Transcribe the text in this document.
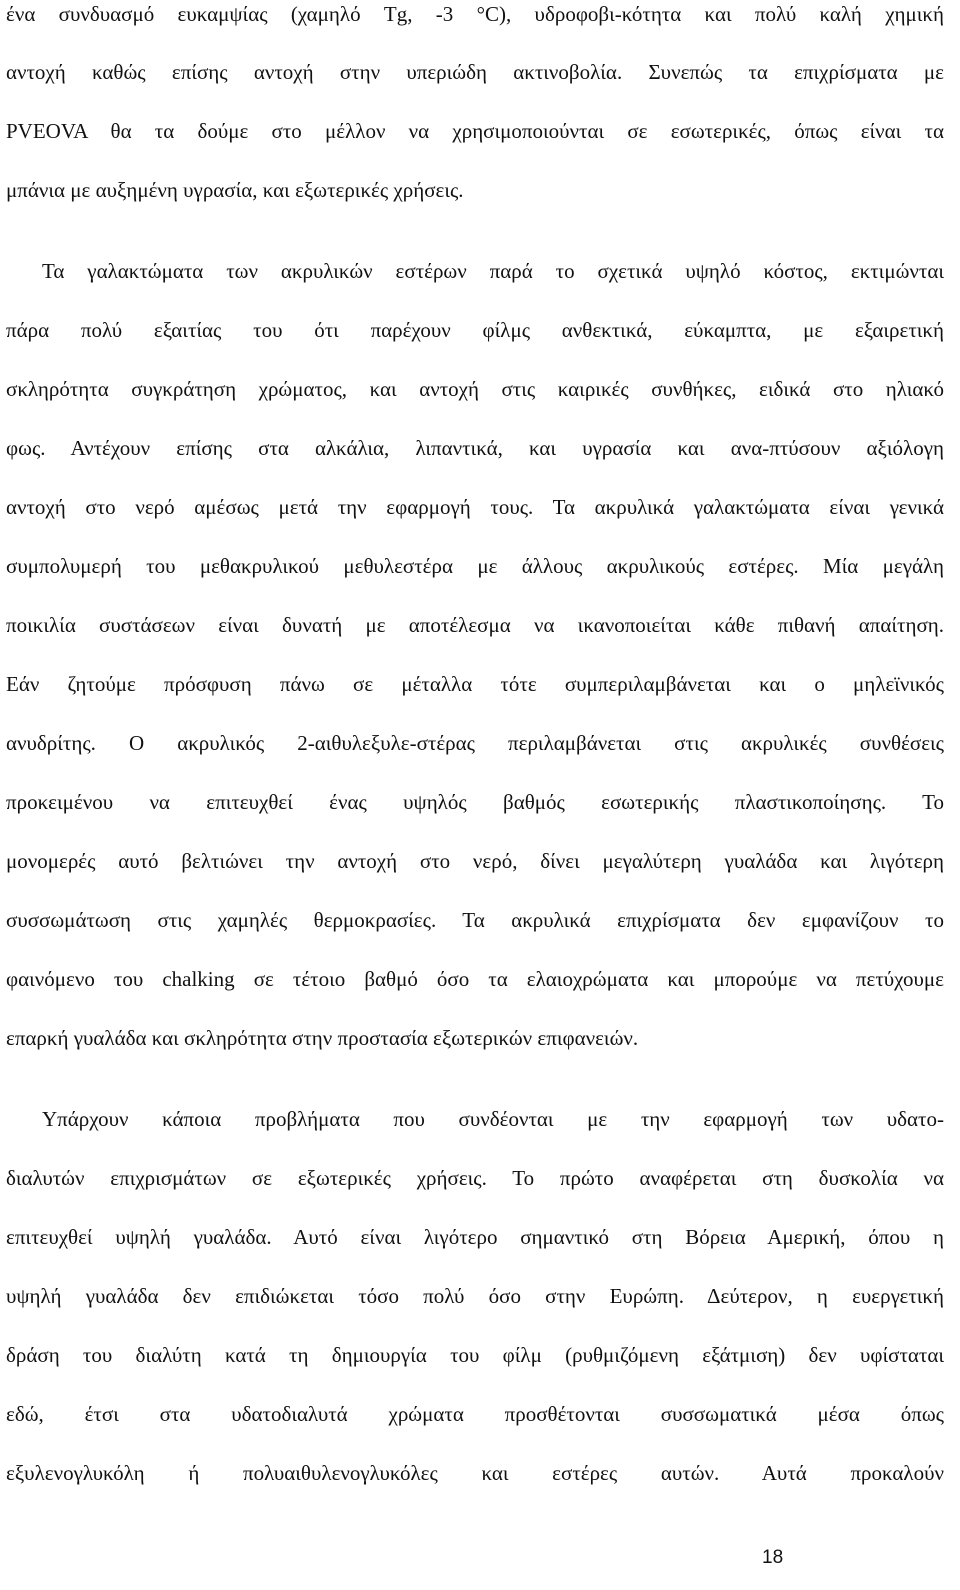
ένα συνδυασμό ευκαμψίας (χαμηλό Tg, -3 °C), υδροφοβι-κότητα και πολύ καλή χημική
αντοχή καθώς επίσης αντοχή στην υπεριώδη ακτινοβολία. Συνεπώς τα επιχρίσματα με
PVEOVA θα τα δούμε στο μέλλον να χρησιμοποιούνται σε εσωτερικές, όπως είναι τα
μπάνια με αυξημένη υγρασία, και εξωτερικές χρήσεις.
Τα γαλακτώματα των ακρυλικών εστέρων παρά το σχετικά υψηλό κόστος, εκτιμώνται
πάρα πολύ εξαιτίας του ότι παρέχουν φίλμς ανθεκτικά, εύκαμπτα, με εξαιρετική
σκληρότητα συγκράτηση χρώματος, και αντοχή στις καιρικές συνθήκες, ειδικά στο ηλιακό
φως. Αντέχουν επίσης στα αλκάλια, λιπαντικά, και υγρασία και ανα-πτύσουν αξιόλογη
αντοχή στο νερό αμέσως μετά την εφαρμογή τους. Τα ακρυλικά γαλακτώματα είναι γενικά
συμπολυμερή του μεθακρυλικού μεθυλεστέρα με άλλους ακρυλικούς εστέρες. Μία μεγάλη
ποικιλία συστάσεων είναι δυνατή με αποτέλεσμα να ικανοποιείται κάθε πιθανή απαίτηση.
Εάν ζητούμε πρόσφυση πάνω σε μέταλλα τότε συμπεριλαμβάνεται και ο μηλεϊνικός
ανυδρίτης. Ο ακρυλικός 2-αιθυλεξυλε-στέρας περιλαμβάνεται στις ακρυλικές συνθέσεις
προκειμένου να επιτευχθεί ένας υψηλός βαθμός εσωτερικής πλαστικοποίησης. Το
μονομερές αυτό βελτιώνει την αντοχή στο νερό, δίνει μεγαλύτερη γυαλάδα και λιγότερη
συσσωμάτωση στις χαμηλές θερμοκρασίες. Τα ακρυλικά επιχρίσματα δεν εμφανίζουν το
φαινόμενο του chalking σε τέτοιο βαθμό όσο τα ελαιοχρώματα και μπορούμε να πετύχουμε
επαρκή γυαλάδα και σκληρότητα στην προστασία εξωτερικών επιφανειών.
Υπάρχουν κάποια προβλήματα που συνδέονται με την εφαρμογή των υδατο-
διαλυτών επιχρισμάτων σε εξωτερικές χρήσεις. Το πρώτο αναφέρεται στη δυσκολία να
επιτευχθεί υψηλή γυαλάδα. Αυτό είναι λιγότερο σημαντικό στη Βόρεια Αμερική, όπου η
υψηλή γυαλάδα δεν επιδιώκεται τόσο πολύ όσο στην Ευρώπη. Δεύτερον, η ευεργετική
δράση του διαλύτη κατά τη δημιουργία του φίλμ (ρυθμιζόμενη εξάτμιση) δεν υφίσταται
εδώ, έτσι στα υδατοδιαλυτά χρώματα προσθέτονται συσσωματικά μέσα όπως
εξυλενογλυκόλη ή πολυαιθυλενογλυκόλες και εστέρες αυτών. Αυτά προκαλούν
18
